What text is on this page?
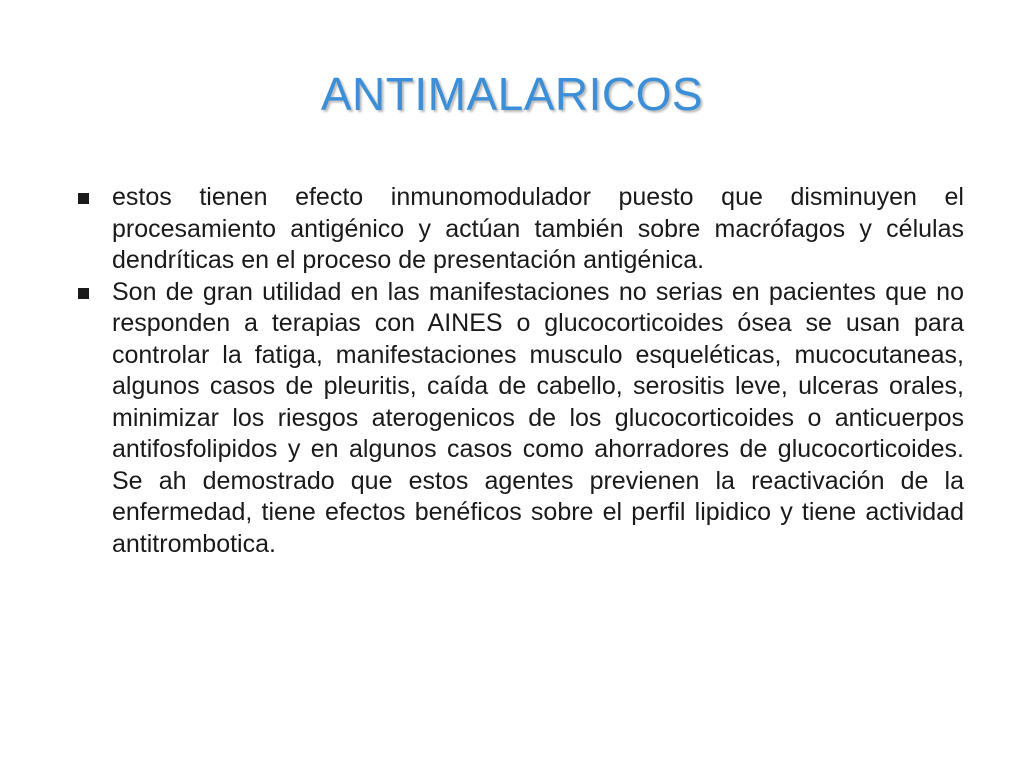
ANTIMALARICOS
estos tienen efecto inmunomodulador puesto que disminuyen el procesamiento antigénico y actúan también sobre macrófagos y células dendríticas en el proceso de presentación antigénica.
Son de gran utilidad en las manifestaciones no serias en pacientes que no responden a terapias con AINES o glucocorticoides ósea se usan para controlar la fatiga, manifestaciones musculo esqueléticas, mucocutaneas, algunos casos de pleuritis, caída de cabello, serositis leve, ulceras orales, minimizar los riesgos aterogenicos de los glucocorticoides o anticuerpos antifosfolipidos y en algunos casos como ahorradores de glucocorticoides. Se ah demostrado que estos agentes previenen la reactivación de la enfermedad, tiene efectos benéficos sobre el perfil lipidico y tiene actividad antitrombotica.
